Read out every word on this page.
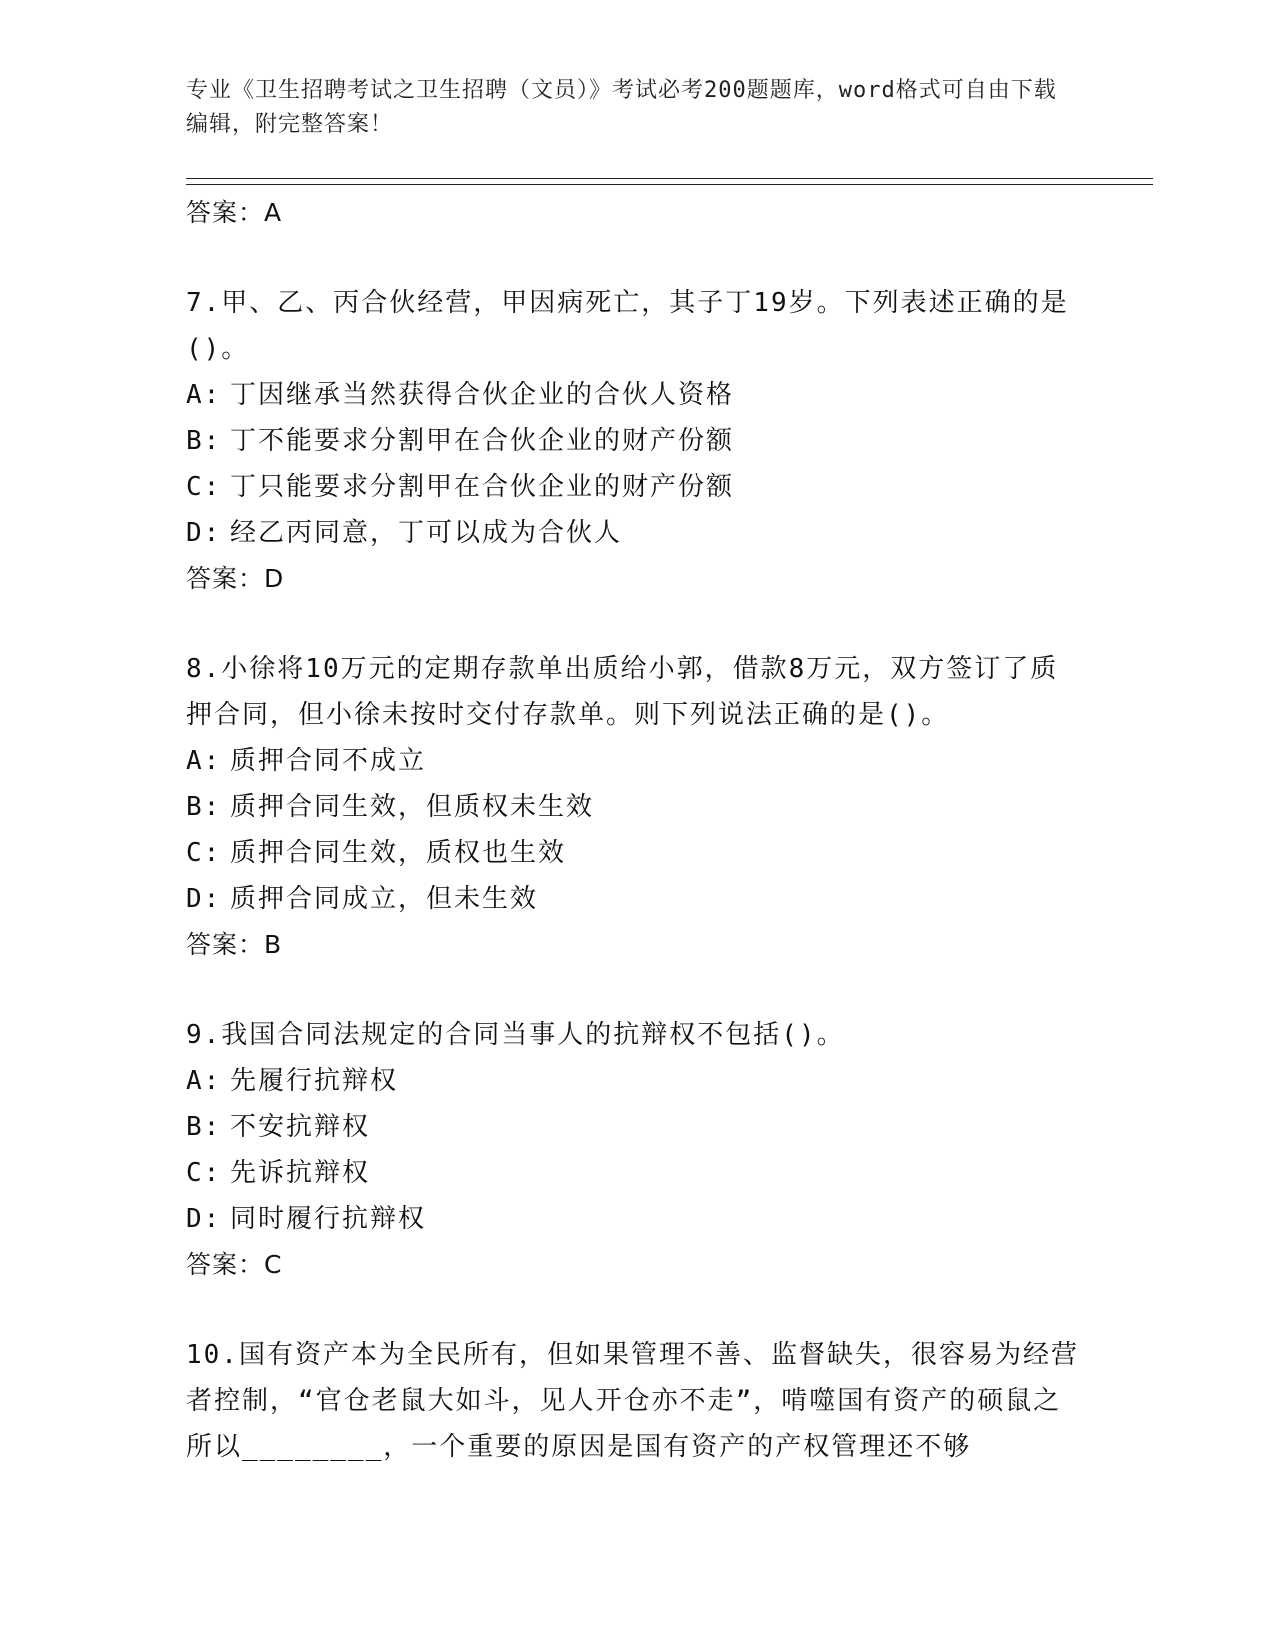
专业《卫生招聘考试之卫生招聘（文员）》考试必考200题题库，word格式可自由下载编辑，附完整答案！
答案：A
7.甲、乙、丙合伙经营，甲因病死亡，其子丁19岁。下列表述正确的是()。
A: 丁因继承当然获得合伙企业的合伙人资格
B: 丁不能要求分割甲在合伙企业的财产份额
C: 丁只能要求分割甲在合伙企业的财产份额
D: 经乙丙同意，丁可以成为合伙人
答案：D
8.小徐将10万元的定期存款单出质给小郭，借款8万元，双方签订了质押合同，但小徐未按时交付存款单。则下列说法正确的是()。
A: 质押合同不成立
B: 质押合同生效，但质权未生效
C: 质押合同生效，质权也生效
D: 质押合同成立，但未生效
答案：B
9.我国合同法规定的合同当事人的抗辩权不包括()。
A: 先履行抗辩权
B: 不安抗辩权
C: 先诉抗辩权
D: 同时履行抗辩权
答案：C
10.国有资产本为全民所有，但如果管理不善、监督缺失，很容易为经营者控制，“官仓老鼠大如斗，见人开仓亦不走”，啃噬国有资产的硕鼠之所以________，一个重要的原因是国有资产的产权管理还不够
